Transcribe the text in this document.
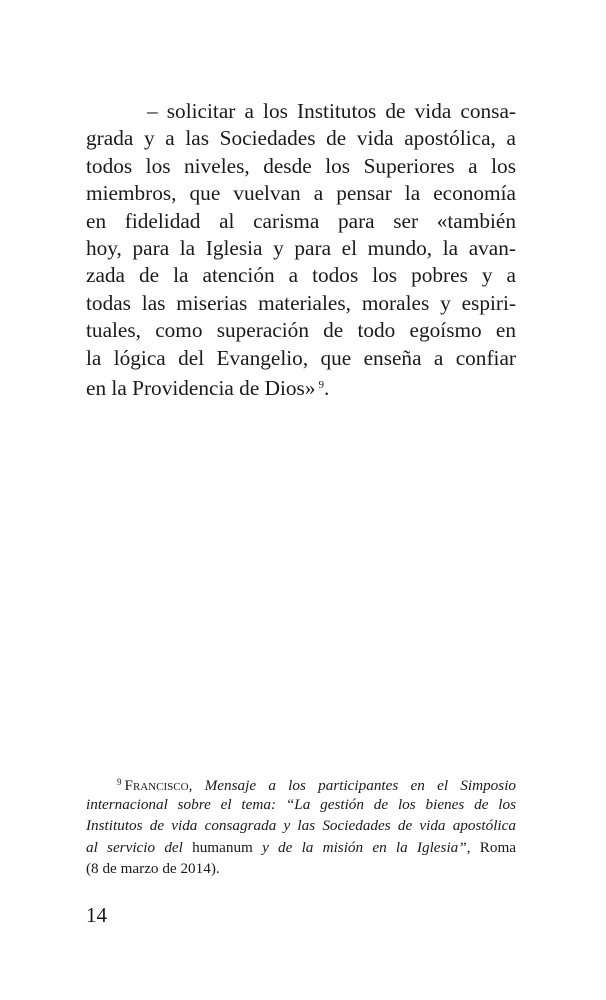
– solicitar a los Institutos de vida consa-
grada y a las Sociedades de vida apostólica, a
todos los niveles, desde los Superiores a los
miembros, que vuelvan a pensar la economía
en fidelidad al carisma para ser «también
hoy, para la Iglesia y para el mundo, la avan-
zada de la atención a todos los pobres y a
todas las miserias materiales, morales y espiri-
tuales, como superación de todo egoísmo en
la lógica del Evangelio, que enseña a confiar
en la Providencia de Dios» $^9$.
$^9$ Francisco, Mensaje a los participantes en el Simposio
internacional sobre el tema: “La gestión de los bienes de los
Institutos de vida consagrada y las Sociedades de vida apostólica
al servicio del humanum y de la misión en la Iglesia”, Roma
(8 de marzo de 2014).
14
